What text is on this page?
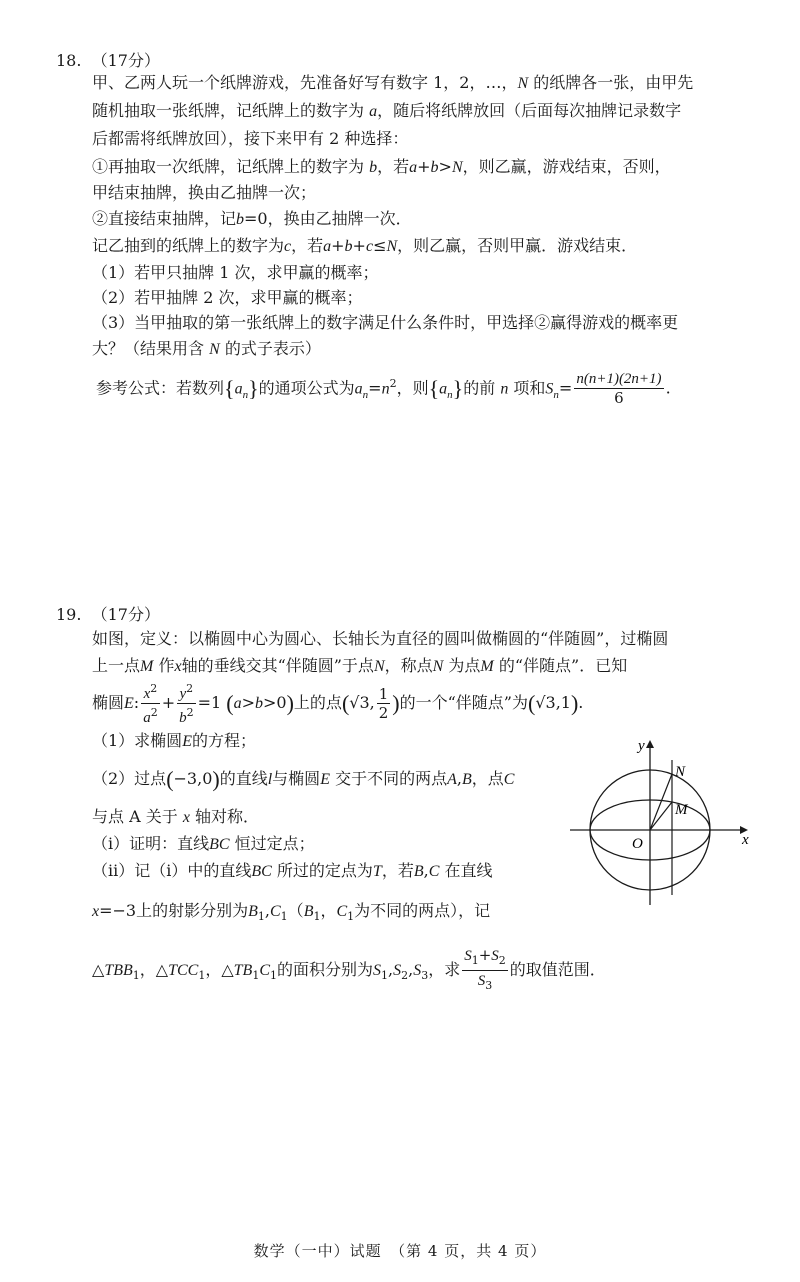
18. （17分）
甲、乙两人玩一个纸牌游戏，先准备好写有数字 1，2，…，N 的纸牌各一张，由甲先
随机抽取一张纸牌，记纸牌上的数字为 a，随后将纸牌放回（后面每次抽牌记录数字
后都需将纸牌放回），接下来甲有 2 种选择：
①再抽取一次纸牌，记纸牌上的数字为 b，若a+b>N，则乙赢，游戏结束，否则，
甲结束抽牌，换由乙抽牌一次；
②直接结束抽牌，记b=0，换由乙抽牌一次．
记乙抽到的纸牌上的数字为c，若a+b+c≤N，则乙赢，否则甲赢．游戏结束．
（1）若甲只抽牌 1 次，求甲赢的概率；
（2）若甲抽牌 2 次，求甲赢的概率；
（3）当甲抽取的第一张纸牌上的数字满足什么条件时，甲选择②赢得游戏的概率更
大？（结果用含 N 的式子表示）
参考公式：若数列$\{a_n\}$的通项公式为$a_n=n^2$，则$\{a_n\}$的前 n 项和$S_n= \frac{n(n+1)(2n+1)}{6}$ .
19. （17分）
如图，定义：以椭圆中心为圆心、长轴长为直径的圆叫做椭圆的“伴随圆”，过椭圆
上一点M 作x轴的垂线交其“伴随圆”于点N，称点N 为点M 的“伴随点”．已知
椭圆E: $\frac{x^2}{a^2} + \frac{y^2}{b^2} =1$ (a>b>0)上的点(√3, $\frac{1}{2}$ )的一个“伴随点”为(√3,1).
（1）求椭圆E的方程；
（2）过点(−3,0)的直线l与椭圆E 交于不同的两点A,B，点C
与点 A 关于 x 轴对称．
（i）证明：直线BC 恒过定点；
（ii）记（i）中的直线BC 所过的定点为T，若B,C 在直线
x=−3上的射影分别为$B_1,C_1(B_1$，$C_1$为不同的两点），记
$\triangle TBB_1$，$\triangle TCC_1$，$\triangle TB_1C_1$的面积分别为$S_1,S_2,S_3$，求 $\frac{S_1+S_2}{S_3}$ 的取值范围．
y
x
O
N
M
数学（一中）试题　（第 4 页，共 4 页）
